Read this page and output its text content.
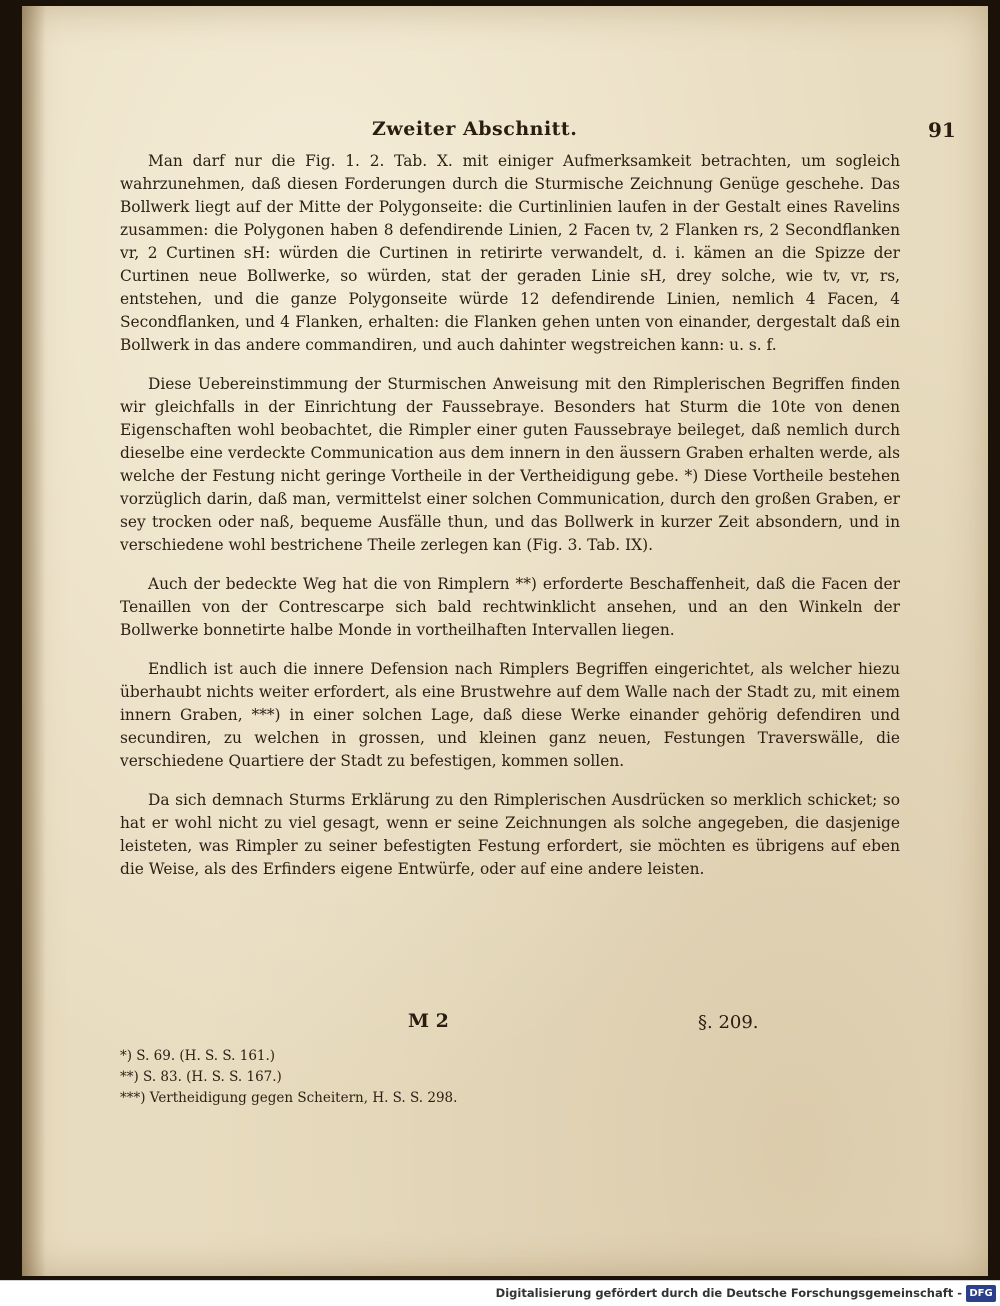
Zweiter Abschnitt.	91

Man darf nur die Fig. 1. 2. Tab. X. mit einiger Aufmerksamkeit betrachten, um sogleich wahrzunehmen, daß diesen Forderungen durch die Sturmische Zeichnung Genüge geschehe. Das Bollwerk liegt auf der Mitte der Polygonseite: die Curtinlinien laufen in der Gestalt eines Ravelins zusammen: die Polygonen haben 8 defendirende Linien, 2 Facen tv, 2 Flanken rs, 2 Secondflanken vr, 2 Curtinen sH: würden die Curtinen in retirirte verwandelt, d. i. kämen an die Spizze der Curtinen neue Bollwerke, so würden, stat der geraden Linie sH, drey solche, wie tv, vr, rs, entstehen, und die ganze Polygonseite würde 12 defendirende Linien, nemlich 4 Facen, 4 Secondflanken, und 4 Flanken, erhalten: die Flanken gehen unten von einander, dergestalt daß ein Bollwerk in das andere commandiren, und auch dahinter wegstreichen kann: u. s. f.

Diese Uebereinstimmung der Sturmischen Anweisung mit den Rimplerischen Begriffen finden wir gleichfalls in der Einrichtung der Faussebraye. Besonders hat Sturm die 10te von denen Eigenschaften wohl beobachtet, die Rimpler einer guten Faussebraye beileget, daß nemlich durch dieselbe eine verdeckte Communication aus dem innern in den äussern Graben erhalten werde, als welche der Festung nicht geringe Vortheile in der Vertheidigung gebe. *) Diese Vortheile bestehen vorzüglich darin, daß man, vermittelst einer solchen Communication, durch den großen Graben, er sey trocken oder naß, bequeme Ausfälle thun, und das Bollwerk in kurzer Zeit absondern, und in verschiedene wohl bestrichene Theile zerlegen kan (Fig. 3. Tab. IX).

Auch der bedeckte Weg hat die von Rimplern **) erforderte Beschaffenheit, daß die Facen der Tenaillen von der Contrescarpe sich bald rechtwinklicht ansehen, und an den Winkeln der Bollwerke bonnetirte halbe Monde in vortheilhaften Intervallen liegen.

Endlich ist auch die innere Defension nach Rimplers Begriffen eingerichtet, als welcher hiezu überhaubt nichts weiter erfordert, als eine Brustwehre auf dem Walle nach der Stadt zu, mit einem innern Graben, ***) in einer solchen Lage, daß diese Werke einander gehörig defendiren und secundiren, zu welchen in grossen, und kleinen ganz neuen, Festungen Traverswälle, die verschiedene Quartiere der Stadt zu befestigen, kommen sollen.

Da sich demnach Sturms Erklärung zu den Rimplerischen Ausdrücken so merklich schicket; so hat er wohl nicht zu viel gesagt, wenn er seine Zeichnungen als solche angegeben, die dasjenige leisteten, was Rimpler zu seiner befestigten Festung erfordert, sie möchten es übrigens auf eben die Weise, als des Erfinders eigene Entwürfe, oder auf eine andere leisten.

M 2	§. 209.
*) S. 69. (H. S. S. 161.)
**) S. 83. (H. S. S. 167.)
***) Vertheidigung gegen Scheitern, H. S. S. 298.
Digitalisierung gefördert durch die Deutsche Forschungsgemeinschaft - DFG
